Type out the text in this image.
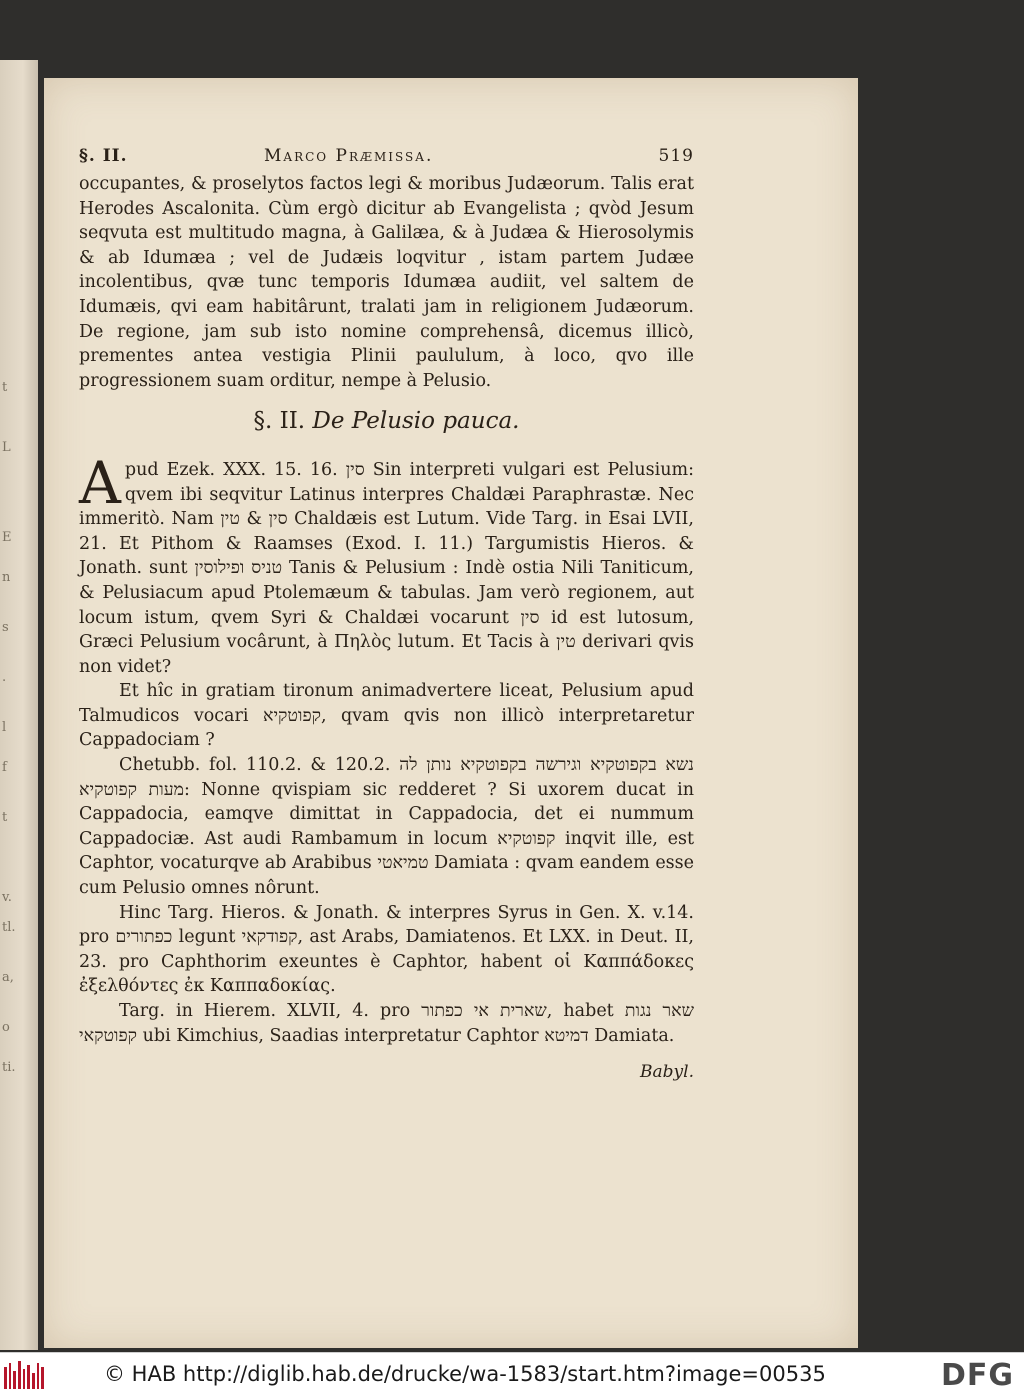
t
L
E
n
s
.
l
f
t
v.
tl.
a,
o
ti.
§. II.	Marco Præmissa.	519

occupantes, & proselytos factos legi & moribus Judæorum. Talis erat Herodes Ascalonita. Cùm ergò dicitur ab Evangelista ; qvòd Jesum seqvuta est multitudo magna, à Galilæa, & à Judæa & Hierosolymis & ab Idumæa ; vel de Judæis loqvitur , istam partem Judæe incolentibus, qvæ tunc temporis Idumæa audiit, vel saltem de Idumæis, qvi eam habitârunt, tralati jam in religionem Judæorum. De regione, jam sub isto nomine comprehensâ, dicemus illicò, prementes antea vestigia Plinii paululum, à loco, qvo ille progressionem suam orditur, nempe à Pelusio.

§. II. De Pelusio pauca.

A pud Ezek. XXX. 15. 16. סין Sin interpreti vulgari est Pelusium: qvem ibi seqvitur Latinus interpres Chaldæi Paraphrastæ. Nec immeritò. Nam סין & טין Chaldæis est Lutum. Vide Targ. in Esai LVII, 21. Et Pithom & Raamses (Exod. I. 11.) Targumistis Hieros. & Jonath. sunt טניס ופילוסין Tanis & Pelusium : Indè ostia Nili Taniticum, & Pelusiacum apud Ptolemæum & tabulas. Jam verò regionem, aut locum istum, qvem Syri & Chaldæi vocarunt סין id est lutosum, Græci Pelusium vocârunt, à Πηλὸς lutum. Et Tacis à טין derivari qvis non videt?

Et hîc in gratiam tironum animadvertere liceat, Pelusium apud Talmudicos vocari קפוטקיא, qvam qvis non illicò interpretaretur Cappadociam ?

Chetubb. fol. 110.2. & 120.2. נשא בקפוטקיא וגירשה בקפוטקיא נותן לה מעות קפוטקיא: Nonne qvispiam sic redderet ? Si uxorem ducat in Cappadocia, eamqve dimittat in Cappadocia, det ei nummum Cappadociæ. Ast audi Rambamum in locum קפוטקיא inqvit ille, est Caphtor, vocaturqve ab Arabibus טמיאטי Damiata : qvam eandem esse cum Pelusio omnes nôrunt.

Hinc Targ. Hieros. & Jonath. & interpres Syrus in Gen. X. v.14. pro כפתורים legunt קפודקאי, ast Arabs, Damiatenos. Et LXX. in Deut. II, 23. pro Caphthorim exeuntes è Caphtor, habent οἱ Καππάδοκες ἐξελθόντες ἐκ Καππαδοκίας.

Targ. in Hierem. XLVII, 4. pro שארית אי כפתור, habet שאר נגות קפוטקאי ubi Kimchius, Saadias interpretatur Caphtor דמיטא Damiata.

Babyl.
© HAB http://diglib.hab.de/drucke/wa-1583/start.htm?image=00535	DFG
